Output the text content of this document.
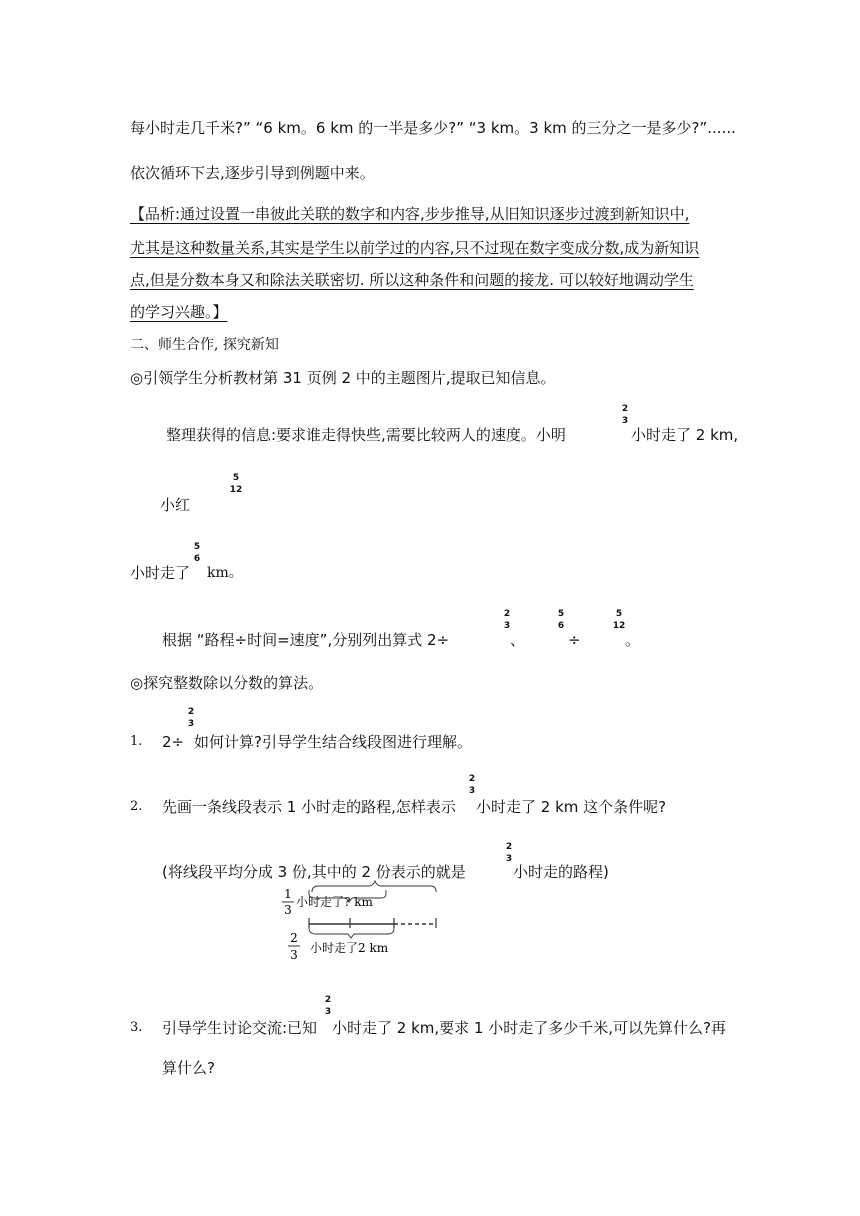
每小时走几千米?” “6 km。6 km 的一半是多少?” “3 km。3 km 的三分之一是多少?”......
依次循环下去,逐步引导到例题中来。
【品析:通过设置一串彼此关联的数字和内容,步步推导,从旧知识逐步过渡到新知识中,
尤其是这种数量关系,其实是学生以前学过的内容,只不过现在数字变成分数,成为新知识
点,但是分数本身又和除法关联密切. 所以这种条件和问题的接龙. 可以较好地调动学生
的学习兴趣。】
二、师生合作, 探究新知
◎引领学生分析教材第 31 页例 2 中的主题图片,提取已知信息。
整理获得的信息:要求谁走得快些,需要比较两人的速度。小明
2
3
小时走了 2 km,
小红
5
12
小时走了
5
6
km。
根据 “路程÷时间=速度”,分别列出算式 2÷
2
3
、
5
6
÷
5
12
。
◎探究整数除以分数的算法。
1. 2÷
2
3
如何计算?引导学生结合线段图进行理解。
2. 先画一条线段表示 1 小时走的路程,怎样表示
2
3
小时走了 2 km 这个条件呢?
(将线段平均分成 3 份,其中的 2 份表示的就是
2
3
小时走的路程)
1
3
小时走了? km
2
3 小时走了2 km
3. 引导学生讨论交流:已知
2
3
小时走了 2 km,要求 1 小时走了多少千米,可以先算什么?再
算什么?
